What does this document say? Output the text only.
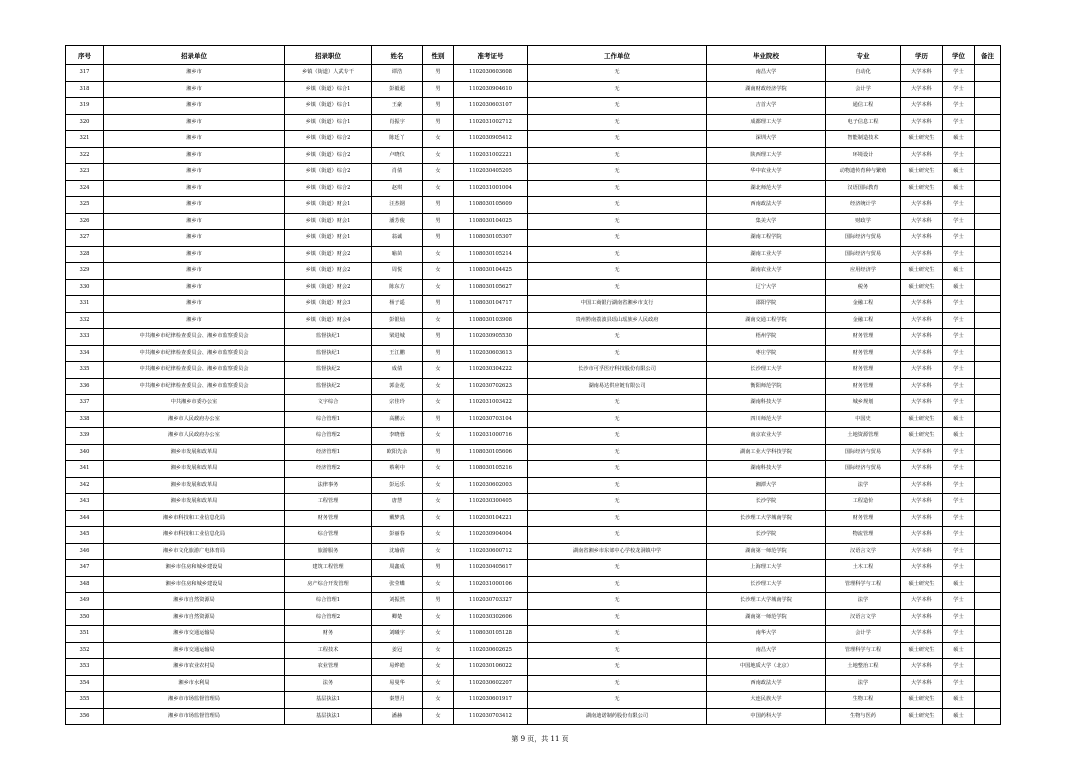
序号	招录单位	招录职位	姓名	性别	准考证号	工作单位	毕业院校	专业	学历	学位	备注
317	湘乡市	乡镇（街道）人武专干	谭浩	男	1102030603608	无	南昌大学	自动化	大学本科	学士	
318	湘乡市	乡镇（街道）综合1	彭毅超	男	1102030904610	无	湖南财政经济学院	会计学	大学本科	学士	
319	湘乡市	乡镇（街道）综合1	王豪	男	1102030603107	无	吉首大学	通信工程	大学本科	学士	
320	湘乡市	乡镇（街道）综合1	肖振宇	男	1102031002712	无	成都理工大学	电子信息工程	大学本科	学士	
321	湘乡市	乡镇（街道）综合2	陈廷丫	女	1102030905412	无	深圳大学	智能制造技术	硕士研究生	硕士	
322	湘乡市	乡镇（街道）综合2	卢晓仪	女	1102031002221	无	陕西理工大学	环境设计	大学本科	学士	
323	湘乡市	乡镇（街道）综合2	肖倩	女	1102030405205	无	华中农业大学	动物遗传育种与繁殖	硕士研究生	硕士	
324	湘乡市	乡镇（街道）综合2	赵琪	女	1102031001004	无	湖北师范大学	汉语国际教育	硕士研究生	硕士	
325	湘乡市	乡镇（街道）财会1	汪杰钢	男	1108030105609	无	西南政法大学	经济统计学	大学本科	学士	
326	湘乡市	乡镇（街道）财会1	潘芳俊	男	1108030104025	无	集美大学	财政学	大学本科	学士	
327	湘乡市	乡镇（街道）财会1	翁诚	男	1108030105307	无	湖南工程学院	国际经济与贸易	大学本科	学士	
328	湘乡市	乡镇（街道）财会2	喻苗	女	1108030105214	无	湖南工业大学	国际经济与贸易	大学本科	学士	
329	湘乡市	乡镇（街道）财会2	周悦	女	1108030104425	无	湖南农业大学	应用经济学	硕士研究生	硕士	
330	湘乡市	乡镇（街道）财会2	陈东方	女	1108030105627	无	辽宁大学	税务	硕士研究生	硕士	
331	湘乡市	乡镇（街道）财会3	杨子遥	男	1108030104717	中国工商银行湖南省湘乡市支行	邵阳学院	金融工程	大学本科	学士	
332	湘乡市	乡镇（街道）财会4	彭银灿	女	1108030103908	贵州黔南荔波县瑶山瑶族乡人民政府	湖南交通工程学院	金融工程	大学本科	学士	
333	中共湘乡市纪律检查委员会、湘乡市监察委员会	监督执纪1	梁进城	男	1102030905530	无	梧州学院	财务管理	大学本科	学士	
334	中共湘乡市纪律检查委员会、湘乡市监察委员会	监督执纪1	王江鹏	男	1102030603613	无	枣庄学院	财务管理	大学本科	学士	
335	中共湘乡市纪律检查委员会、湘乡市监察委员会	监督执纪2	成倩	女	1102030304222	长沙市可孚医疗科技股份有限公司	长沙理工大学	财务管理	大学本科	学士	
336	中共湘乡市纪律检查委员会、湘乡市监察委员会	监督执纪2	郭金花	女	1102030702623	湖南易达供应链有限公司	衡阳师范学院	财务管理	大学本科	学士	
337	中共湘乡市委办公室	文字综合	宗佳玲	女	1102031003422	无	湖南科技大学	城乡规划	大学本科	学士	
338	湘乡市人民政府办公室	综合管理1	高鹏云	男	1102030703104	无	四川师范大学	中国史	硕士研究生	硕士	
339	湘乡市人民政府办公室	综合管理2	李晓蓉	女	1102031000716	无	南京农业大学	土地资源管理	硕士研究生	硕士	
340	湘乡市发展和改革局	经济管理1	欧阳先余	男	1108030105606	无	湖南工业大学科技学院	国际经济与贸易	大学本科	学士	
341	湘乡市发展和改革局	经济管理2	蔡利中	女	1108030105216	无	湖南科技大学	国际经济与贸易	大学本科	学士	
342	湘乡市发展和改革局	法律事务	彭远乐	女	1102030602003	无	湘潭大学	法学	大学本科	学士	
343	湘乡市发展和改革局	工程管理	唐慧	女	1102030300405	无	长沙学院	工程造价	大学本科	学士	
344	湘乡市科技和工业信息化局	财务管理	戴梦真	女	1102030104221	无	长沙理工大学城南学院	财务管理	大学本科	学士	
345	湘乡市科技和工业信息化局	综合管理	彭丽春	女	1102030904004	无	长沙学院	物流管理	大学本科	学士	
346	湘乡市文化旅游广电体育局	旅游服务	沈瑜倩	女	1102030600712	湖南省湘乡市东郊中心学校龙洞镇中学	湖南第一师范学院	汉语言文学	大学本科	学士	
347	湘乡市住房和城乡建设局	建筑工程管理	周鑫成	男	1102030405617	无	上海理工大学	土木工程	大学本科	学士	
348	湘乡市住房和城乡建设局	房产综合开发管理	张莹蝶	女	1102031000106	无	长沙理工大学	管理科学与工程	硕士研究生	硕士	
349	湘乡市自然资源局	综合管理1	刘振然	男	1102030703327	无	长沙理工大学城南学院	法学	大学本科	学士	
350	湘乡市自然资源局	综合管理2	卿楚	女	1102030302606	无	湖南第一师范学院	汉语言文学	大学本科	学士	
351	湘乡市交通运输局	财务	刘曦宇	女	1108030105128	无	南华大学	会计学	大学本科	学士	
352	湘乡市交通运输局	工程技术	姜冠	女	1102030602625	无	南昌大学	管理科学与工程	硕士研究生	硕士	
353	湘乡市农业农村局	农业管理	易烨皓	女	1102030106022	无	中国地质大学（北京）	土地整治工程	大学本科	学士	
354	湘乡市水利局	法务	易曼华	女	1102030602207	无	西南政法大学	法学	大学本科	学士	
355	湘乡市市场监督管理局	基层执法1	秦慧月	女	1102030601917	无	大连民族大学	生物工程	硕士研究生	硕士	
356	湘乡市市场监督管理局	基层执法1	潘赫	女	1102030703412	湖南迪诺制药股份有限公司	中国药科大学	生物与医药	硕士研究生	硕士	
第 9 页，共 11 页
